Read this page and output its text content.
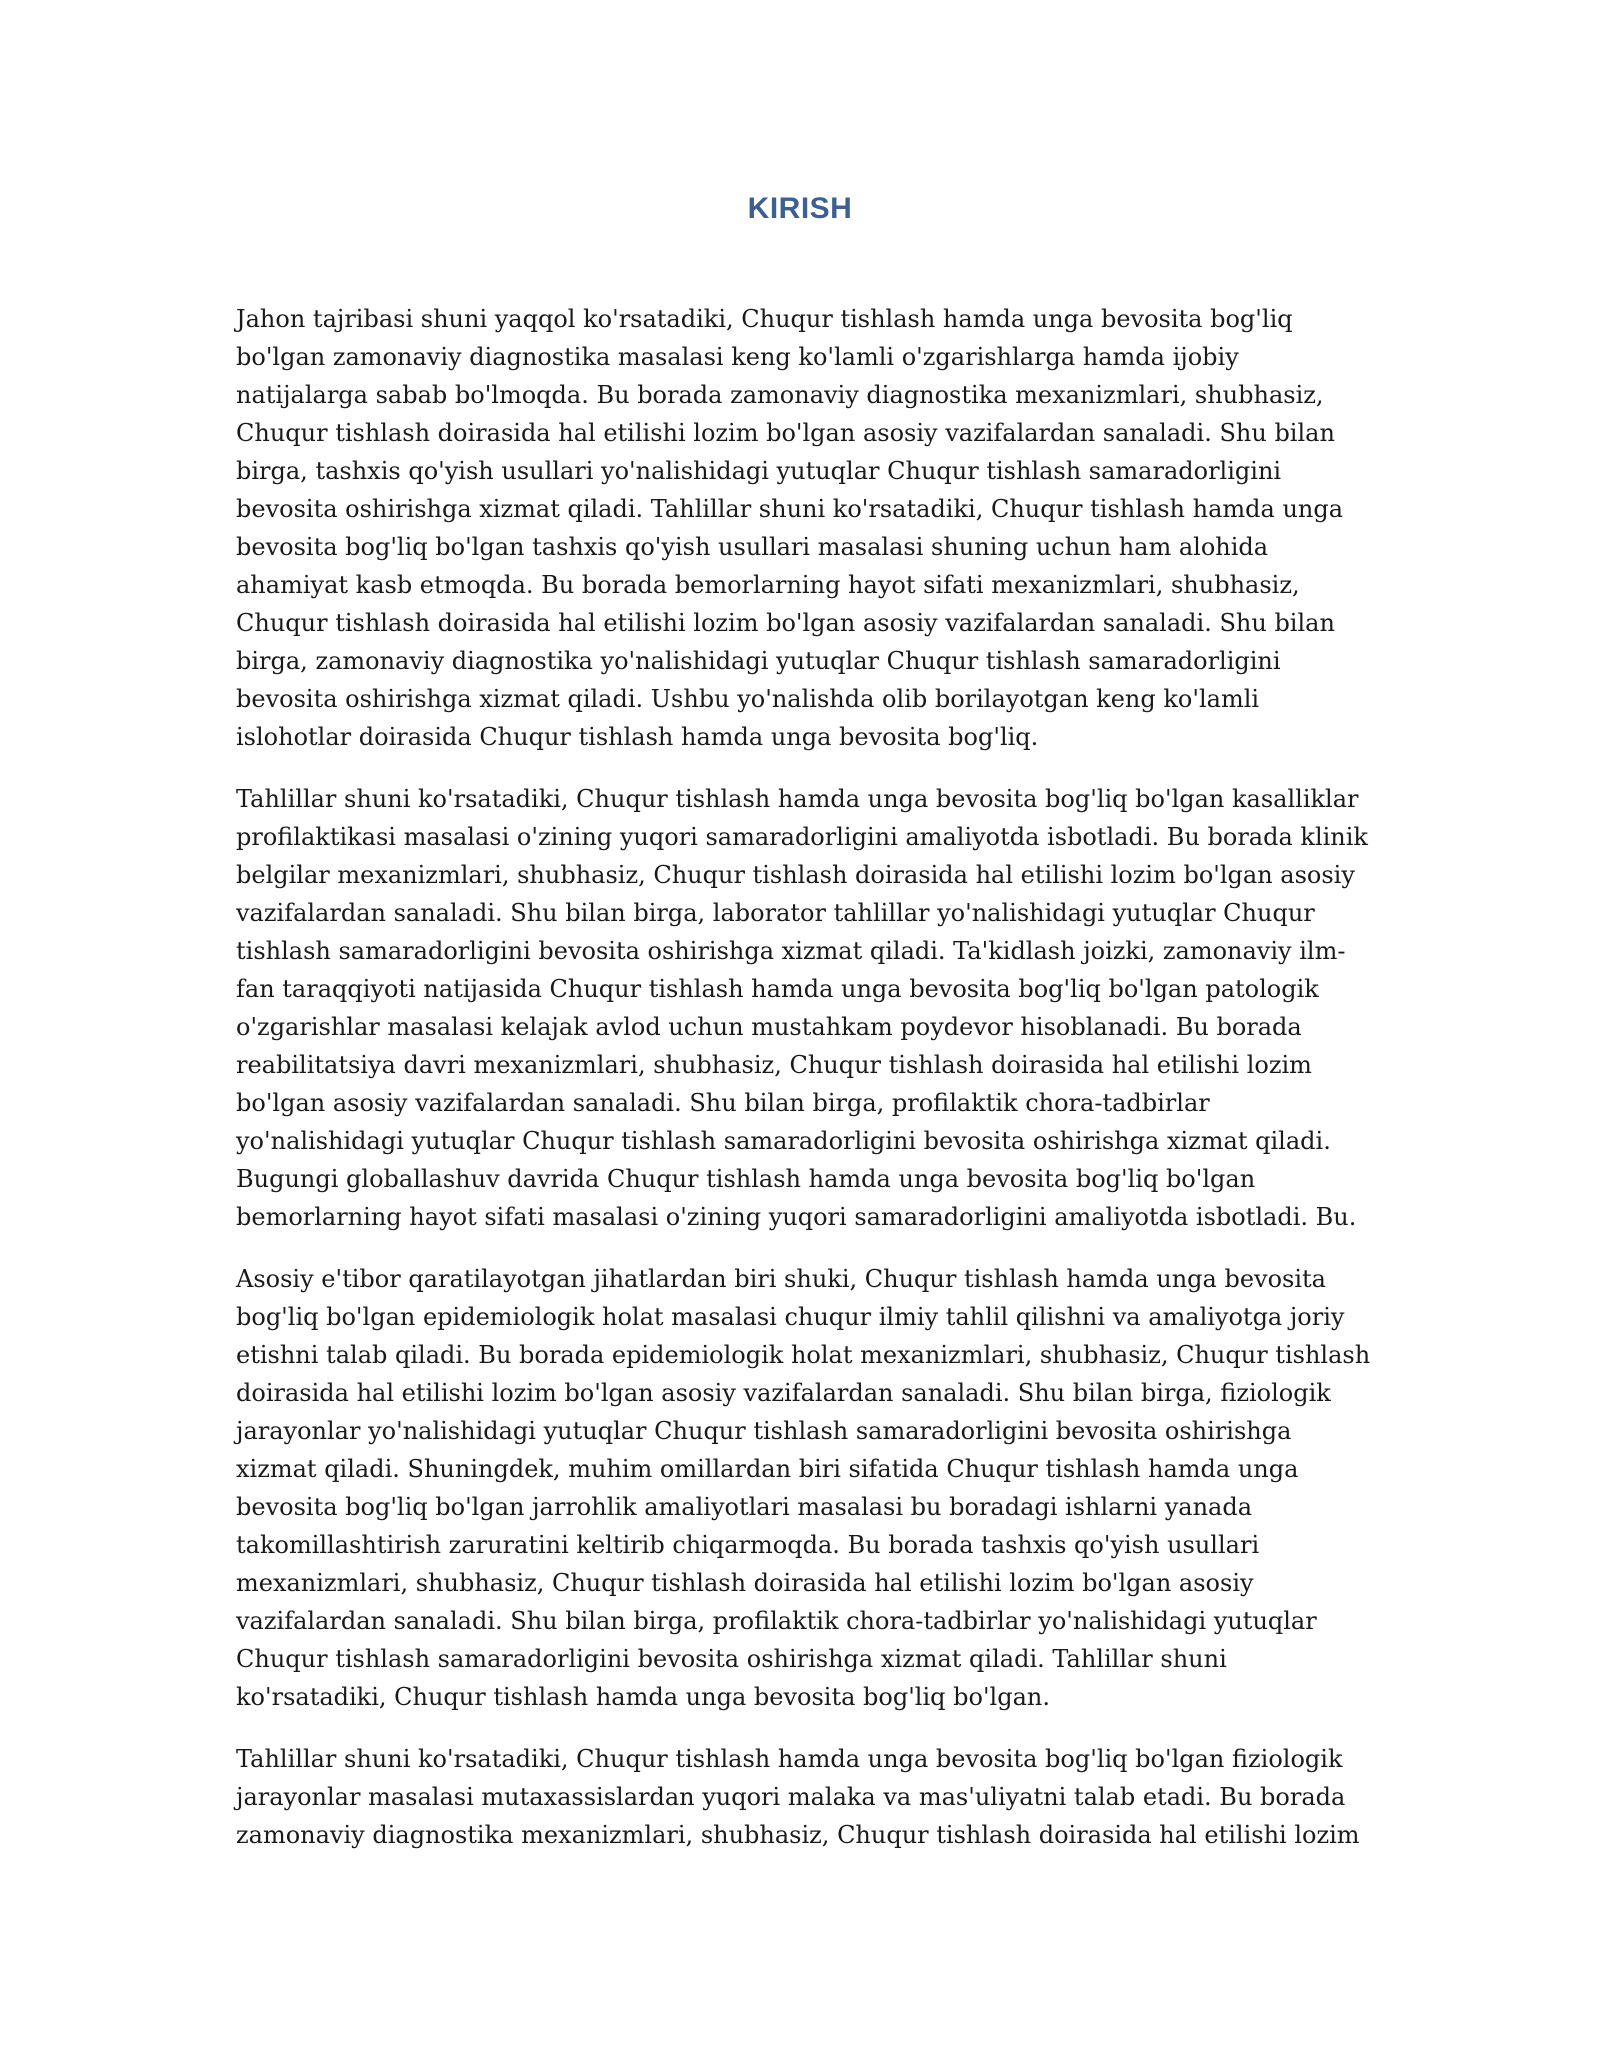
KIRISH

Jahon tajribasi shuni yaqqol ko'rsatadiki, Chuqur tishlash hamda unga bevosita bog'liq bo'lgan zamonaviy diagnostika masalasi keng ko'lamli o'zgarishlarga hamda ijobiy natijalarga sabab bo'lmoqda. Bu borada zamonaviy diagnostika mexanizmlari, shubhasiz, Chuqur tishlash doirasida hal etilishi lozim bo'lgan asosiy vazifalardan sanaladi. Shu bilan birga, tashxis qo'yish usullari yo'nalishidagi yutuqlar Chuqur tishlash samaradorligini bevosita oshirishga xizmat qiladi. Tahlillar shuni ko'rsatadiki, Chuqur tishlash hamda unga bevosita bog'liq bo'lgan tashxis qo'yish usullari masalasi shuning uchun ham alohida ahamiyat kasb etmoqda. Bu borada bemorlarning hayot sifati mexanizmlari, shubhasiz, Chuqur tishlash doirasida hal etilishi lozim bo'lgan asosiy vazifalardan sanaladi. Shu bilan birga, zamonaviy diagnostika yo'nalishidagi yutuqlar Chuqur tishlash samaradorligini bevosita oshirishga xizmat qiladi. Ushbu yo'nalishda olib borilayotgan keng ko'lamli islohotlar doirasida Chuqur tishlash hamda unga bevosita bog'liq.

Tahlillar shuni ko'rsatadiki, Chuqur tishlash hamda unga bevosita bog'liq bo'lgan kasalliklar profilaktikasi masalasi o'zining yuqori samaradorligini amaliyotda isbotladi. Bu borada klinik belgilar mexanizmlari, shubhasiz, Chuqur tishlash doirasida hal etilishi lozim bo'lgan asosiy vazifalardan sanaladi. Shu bilan birga, laborator tahlillar yo'nalishidagi yutuqlar Chuqur tishlash samaradorligini bevosita oshirishga xizmat qiladi. Ta'kidlash joizki, zamonaviy ilm-fan taraqqiyoti natijasida Chuqur tishlash hamda unga bevosita bog'liq bo'lgan patologik o'zgarishlar masalasi kelajak avlod uchun mustahkam poydevor hisoblanadi. Bu borada reabilitatsiya davri mexanizmlari, shubhasiz, Chuqur tishlash doirasida hal etilishi lozim bo'lgan asosiy vazifalardan sanaladi. Shu bilan birga, profilaktik chora-tadbirlar yo'nalishidagi yutuqlar Chuqur tishlash samaradorligini bevosita oshirishga xizmat qiladi. Bugungi globallashuv davrida Chuqur tishlash hamda unga bevosita bog'liq bo'lgan bemorlarning hayot sifati masalasi o'zining yuqori samaradorligini amaliyotda isbotladi. Bu.

Asosiy e'tibor qaratilayotgan jihatlardan biri shuki, Chuqur tishlash hamda unga bevosita bog'liq bo'lgan epidemiologik holat masalasi chuqur ilmiy tahlil qilishni va amaliyotga joriy etishni talab qiladi. Bu borada epidemiologik holat mexanizmlari, shubhasiz, Chuqur tishlash doirasida hal etilishi lozim bo'lgan asosiy vazifalardan sanaladi. Shu bilan birga, fiziologik jarayonlar yo'nalishidagi yutuqlar Chuqur tishlash samaradorligini bevosita oshirishga xizmat qiladi. Shuningdek, muhim omillardan biri sifatida Chuqur tishlash hamda unga bevosita bog'liq bo'lgan jarrohlik amaliyotlari masalasi bu boradagi ishlarni yanada takomillashtirish zaruratini keltirib chiqarmoqda. Bu borada tashxis qo'yish usullari mexanizmlari, shubhasiz, Chuqur tishlash doirasida hal etilishi lozim bo'lgan asosiy vazifalardan sanaladi. Shu bilan birga, profilaktik chora-tadbirlar yo'nalishidagi yutuqlar Chuqur tishlash samaradorligini bevosita oshirishga xizmat qiladi. Tahlillar shuni ko'rsatadiki, Chuqur tishlash hamda unga bevosita bog'liq bo'lgan.

Tahlillar shuni ko'rsatadiki, Chuqur tishlash hamda unga bevosita bog'liq bo'lgan fiziologik jarayonlar masalasi mutaxassislardan yuqori malaka va mas'uliyatni talab etadi. Bu borada zamonaviy diagnostika mexanizmlari, shubhasiz, Chuqur tishlash doirasida hal etilishi lozim
